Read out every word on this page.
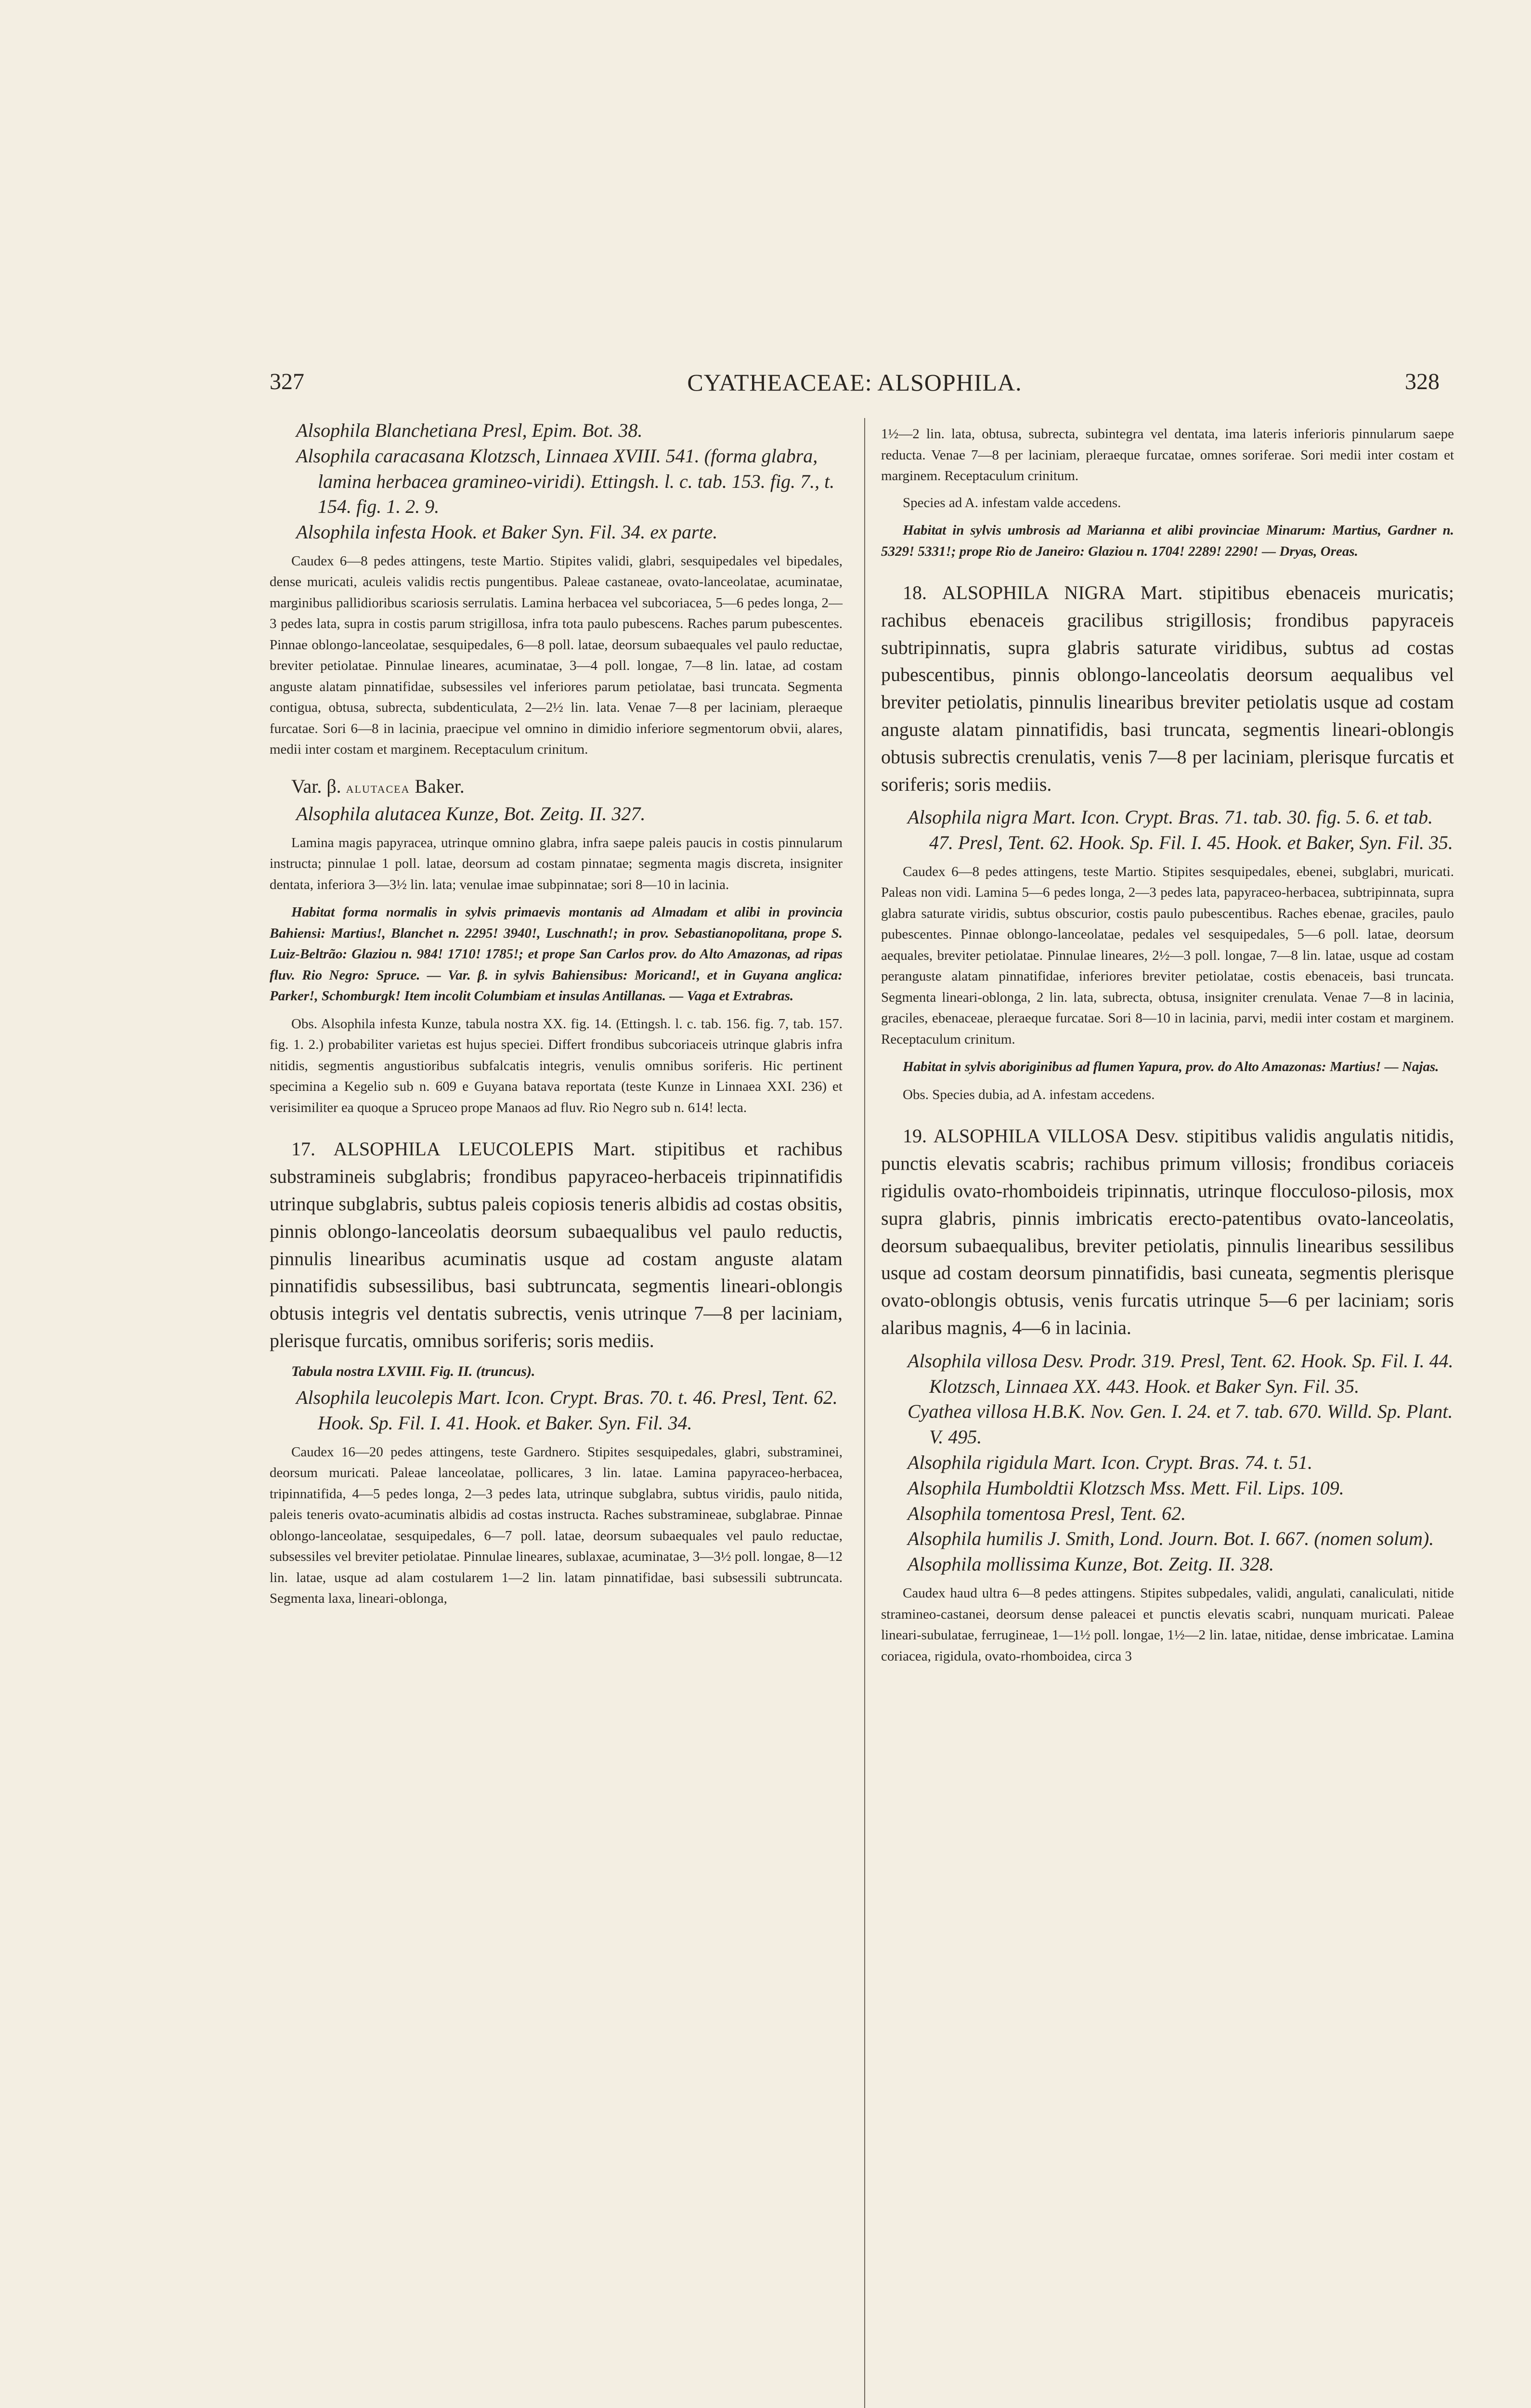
327	CYATHEACEAE: ALSOPHILA.	328

Alsophila Blanchetiana Presl, Epim. Bot. 38.

Alsophila caracasana Klotzsch, Linnaea XVIII. 541. (forma glabra, lamina herbacea gramineo-viridi). Ettingsh. l. c. tab. 153. fig. 7., t. 154. fig. 1. 2. 9.

Alsophila infesta Hook. et Baker Syn. Fil. 34. ex parte.

Caudex 6—8 pedes attingens, teste Martio. Stipites validi, glabri, sesquipedales vel bipedales, dense muricati, aculeis validis rectis pungentibus. Paleae castaneae, ovato-lanceolatae, acuminatae, marginibus pallidioribus scariosis serrulatis. Lamina herbacea vel subcoriacea, 5—6 pedes longa, 2—3 pedes lata, supra in costis parum strigillosa, infra tota paulo pubescens. Raches parum pubescentes. Pinnae oblongo-lanceolatae, sesquipedales, 6—8 poll. latae, deorsum subaequales vel paulo reductae, breviter petiolatae. Pinnulae lineares, acuminatae, 3—4 poll. longae, 7—8 lin. latae, ad costam anguste alatam pinnatifidae, subsessiles vel inferiores parum petiolatae, basi truncata. Segmenta contigua, obtusa, subrecta, subdenticulata, 2—2½ lin. lata. Venae 7—8 per laciniam, pleraeque furcatae. Sori 6—8 in lacinia, praecipue vel omnino in dimidio inferiore segmentorum obvii, alares, medii inter costam et marginem. Receptaculum crinitum.

Var. β. alutacea Baker.

Alsophila alutacea Kunze, Bot. Zeitg. II. 327.

Lamina magis papyracea, utrinque omnino glabra, infra saepe paleis paucis in costis pinnularum instructa; pinnulae 1 poll. latae, deorsum ad costam pinnatae; segmenta magis discreta, insigniter dentata, inferiora 3—3½ lin. lata; venulae imae subpinnatae; sori 8—10 in lacinia.

Habitat forma normalis in sylvis primaevis montanis ad Almadam et alibi in provincia Bahiensi: Martius!, Blanchet n. 2295! 3940!, Luschnath!; in prov. Sebastianopolitana, prope S. Luiz-Beltrão: Glaziou n. 984! 1710! 1785!; et prope San Carlos prov. do Alto Amazonas, ad ripas fluv. Rio Negro: Spruce. — Var. β. in sylvis Bahiensibus: Moricand!, et in Guyana anglica: Parker!, Schomburgk! Item incolit Columbiam et insulas Antillanas. — Vaga et Extrabras.

Obs. Alsophila infesta Kunze, tabula nostra XX. fig. 14. (Ettingsh. l. c. tab. 156. fig. 7, tab. 157. fig. 1. 2.) probabiliter varietas est hujus speciei. Differt frondibus subcoriaceis utrinque glabris infra nitidis, segmentis angustioribus subfalcatis integris, venulis omnibus soriferis. Hic pertinent specimina a Kegelio sub n. 609 e Guyana batava reportata (teste Kunze in Linnaea XXI. 236) et verisimiliter ea quoque a Spruceo prope Manaos ad fluv. Rio Negro sub n. 614! lecta.

17. ALSOPHILA LEUCOLEPIS Mart. stipitibus et rachibus substramineis subglabris; frondibus papyraceo-herbaceis tripinnatifidis utrinque subglabris, subtus paleis copiosis teneris albidis ad costas obsitis, pinnis oblongo-lanceolatis deorsum subaequalibus vel paulo reductis, pinnulis linearibus acuminatis usque ad costam anguste alatam pinnatifidis subsessilibus, basi subtruncata, segmentis lineari-oblongis obtusis integris vel dentatis subrectis, venis utrinque 7—8 per laciniam, plerisque furcatis, omnibus soriferis; soris mediis.

Tabula nostra LXVIII. Fig. II. (truncus).

Alsophila leucolepis Mart. Icon. Crypt. Bras. 70. t. 46. Presl, Tent. 62. Hook. Sp. Fil. I. 41. Hook. et Baker. Syn. Fil. 34.

Caudex 16—20 pedes attingens, teste Gardnero. Stipites sesquipedales, glabri, substraminei, deorsum muricati. Paleae lanceolatae, pollicares, 3 lin. latae. Lamina papyraceo-herbacea, tripinnatifida, 4—5 pedes longa, 2—3 pedes lata, utrinque subglabra, subtus viridis, paulo nitida, paleis teneris ovato-acuminatis albidis ad costas instructa. Raches substramineae, subglabrae. Pinnae oblongo-lanceolatae, sesquipedales, 6—7 poll. latae, deorsum subaequales vel paulo reductae, subsessiles vel breviter petiolatae. Pinnulae lineares, sublaxae, acuminatae, 3—3½ poll. longae, 8—12 lin. latae, usque ad alam costularem 1—2 lin. latam pinnatifidae, basi subsessili subtruncata. Segmenta laxa, lineari-oblonga,

1½—2 lin. lata, obtusa, subrecta, subintegra vel dentata, ima lateris inferioris pinnularum saepe reducta. Venae 7—8 per laciniam, pleraeque furcatae, omnes soriferae. Sori medii inter costam et marginem. Receptaculum crinitum.

Species ad A. infestam valde accedens.

Habitat in sylvis umbrosis ad Marianna et alibi provinciae Minarum: Martius, Gardner n. 5329! 5331!; prope Rio de Janeiro: Glaziou n. 1704! 2289! 2290! — Dryas, Oreas.

18. ALSOPHILA NIGRA Mart. stipitibus ebenaceis muricatis; rachibus ebenaceis gracilibus strigillosis; frondibus papyraceis subtripinnatis, supra glabris saturate viridibus, subtus ad costas pubescentibus, pinnis oblongo-lanceolatis deorsum aequalibus vel breviter petiolatis, pinnulis linearibus breviter petiolatis usque ad costam anguste alatam pinnatifidis, basi truncata, segmentis lineari-oblongis obtusis subrectis crenulatis, venis 7—8 per laciniam, plerisque furcatis et soriferis; soris mediis.

Alsophila nigra Mart. Icon. Crypt. Bras. 71. tab. 30. fig. 5. 6. et tab. 47. Presl, Tent. 62. Hook. Sp. Fil. I. 45. Hook. et Baker, Syn. Fil. 35.

Caudex 6—8 pedes attingens, teste Martio. Stipites sesquipedales, ebenei, subglabri, muricati. Paleas non vidi. Lamina 5—6 pedes longa, 2—3 pedes lata, papyraceo-herbacea, subtripinnata, supra glabra saturate viridis, subtus obscurior, costis paulo pubescentibus. Raches ebenae, graciles, paulo pubescentes. Pinnae oblongo-lanceolatae, pedales vel sesquipedales, 5—6 poll. latae, deorsum aequales, breviter petiolatae. Pinnulae lineares, 2½—3 poll. longae, 7—8 lin. latae, usque ad costam peranguste alatam pinnatifidae, inferiores breviter petiolatae, costis ebenaceis, basi truncata. Segmenta lineari-oblonga, 2 lin. lata, subrecta, obtusa, insigniter crenulata. Venae 7—8 in lacinia, graciles, ebenaceae, pleraeque furcatae. Sori 8—10 in lacinia, parvi, medii inter costam et marginem. Receptaculum crinitum.

Habitat in sylvis aboriginibus ad flumen Yapura, prov. do Alto Amazonas: Martius! — Najas.

Obs. Species dubia, ad A. infestam accedens.

19. ALSOPHILA VILLOSA Desv. stipitibus validis angulatis nitidis, punctis elevatis scabris; rachibus primum villosis; frondibus coriaceis rigidulis ovato-rhomboideis tripinnatis, utrinque flocculoso-pilosis, mox supra glabris, pinnis imbricatis erecto-patentibus ovato-lanceolatis, deorsum subaequalibus, breviter petiolatis, pinnulis linearibus sessilibus usque ad costam deorsum pinnatifidis, basi cuneata, segmentis plerisque ovato-oblongis obtusis, venis furcatis utrinque 5—6 per laciniam; soris alaribus magnis, 4—6 in lacinia.

Alsophila villosa Desv. Prodr. 319. Presl, Tent. 62. Hook. Sp. Fil. I. 44. Klotzsch, Linnaea XX. 443. Hook. et Baker Syn. Fil. 35.

Cyathea villosa H.B.K. Nov. Gen. I. 24. et 7. tab. 670. Willd. Sp. Plant. V. 495.

Alsophila rigidula Mart. Icon. Crypt. Bras. 74. t. 51.

Alsophila Humboldtii Klotzsch Mss. Mett. Fil. Lips. 109.

Alsophila tomentosa Presl, Tent. 62.

Alsophila humilis J. Smith, Lond. Journ. Bot. I. 667. (nomen solum).

Alsophila mollissima Kunze, Bot. Zeitg. II. 328.

Caudex haud ultra 6—8 pedes attingens. Stipites subpedales, validi, angulati, canaliculati, nitide stramineo-castanei, deorsum dense paleacei et punctis elevatis scabri, nunquam muricati. Paleae lineari-subulatae, ferrugineae, 1—1½ poll. longae, 1½—2 lin. latae, nitidae, dense imbricatae. Lamina coriacea, rigidula, ovato-rhomboidea, circa 3
